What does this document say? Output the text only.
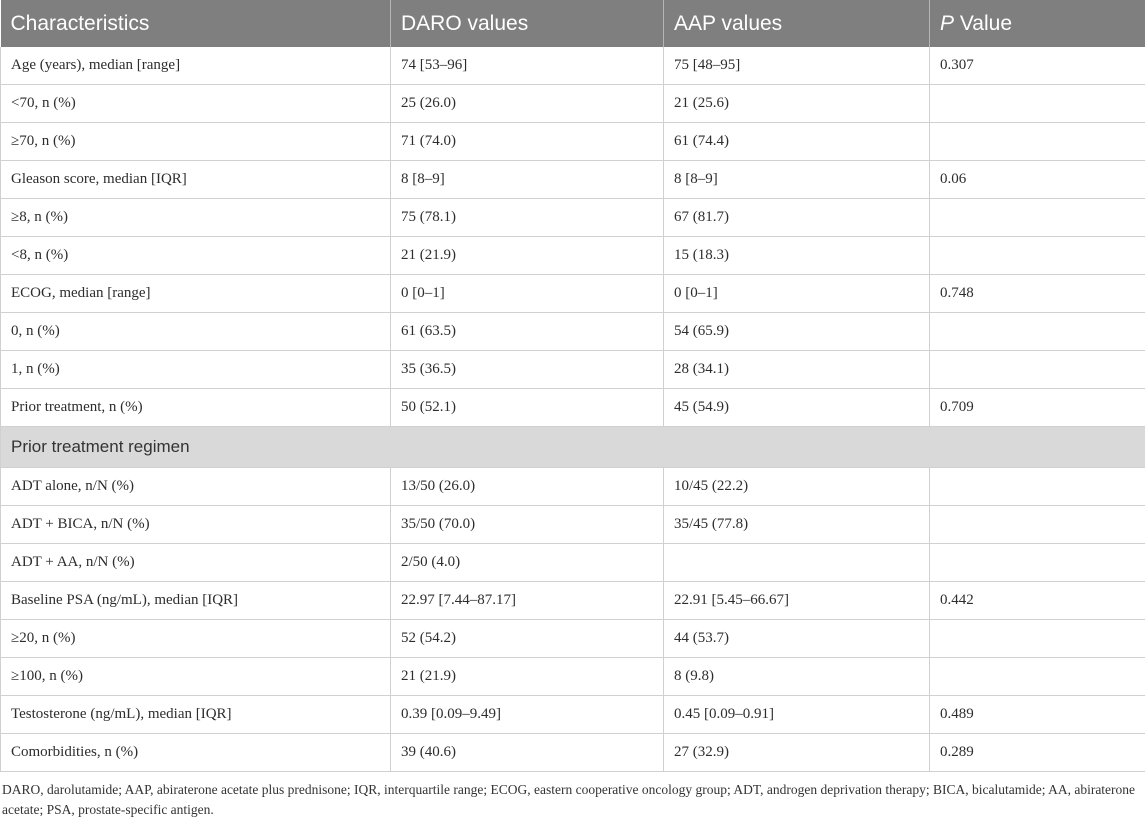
Characteristics	DARO values	AAP values	P Value
Age (years), median [range]	74 [53–96]	75 [48–95]	0.307
<70, n (%)	25 (26.0)	21 (25.6)	
≥70, n (%)	71 (74.0)	61 (74.4)	
Gleason score, median [IQR]	8 [8–9]	8 [8–9]	0.06
≥8, n (%)	75 (78.1)	67 (81.7)	
<8, n (%)	21 (21.9)	15 (18.3)	
ECOG, median [range]	0 [0–1]	0 [0–1]	0.748
0, n (%)	61 (63.5)	54 (65.9)	
1, n (%)	35 (36.5)	28 (34.1)	
Prior treatment, n (%)	50 (52.1)	45 (54.9)	0.709
Prior treatment regimen			
ADT alone, n/N (%)	13/50 (26.0)	10/45 (22.2)	
ADT + BICA, n/N (%)	35/50 (70.0)	35/45 (77.8)	
ADT + AA, n/N (%)	2/50 (4.0)		
Baseline PSA (ng/mL), median [IQR]	22.97 [7.44–87.17]	22.91 [5.45–66.67]	0.442
≥20, n (%)	52 (54.2)	44 (53.7)	
≥100, n (%)	21 (21.9)	8 (9.8)	
Testosterone (ng/mL), median [IQR]	0.39 [0.09–9.49]	0.45 [0.09–0.91]	0.489
Comorbidities, n (%)	39 (40.6)	27 (32.9)	0.289
DARO, darolutamide; AAP, abiraterone acetate plus prednisone; IQR, interquartile range; ECOG, eastern cooperative oncology group; ADT, androgen deprivation therapy; BICA, bicalutamide; AA, abiraterone acetate; PSA, prostate-specific antigen.
